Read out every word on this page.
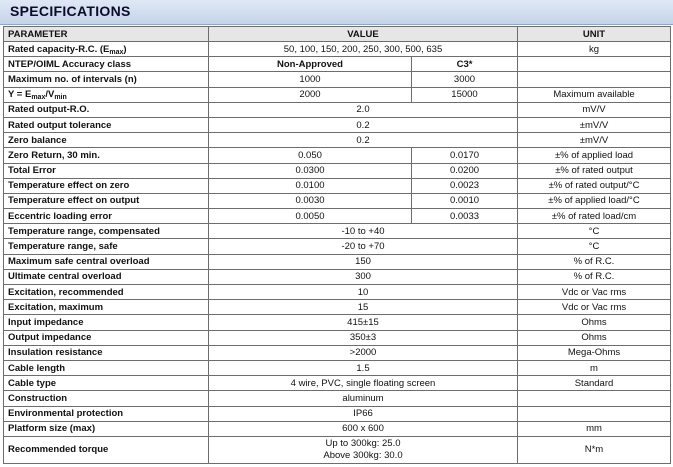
SPECIFICATIONS
PARAMETER	VALUE		UNIT
Rated capacity-R.C. $(E_{max})$	50, 100, 150, 200, 250, 300, 500, 635		kg
NTEP/OIML Accuracy class	Non-Approved	C3*	
Maximum no. of intervals (n)	1000	3000	
$Y = E_{max}/V_{min}$	2000	15000	Maximum available
Rated output-R.O.	2.0		mV/V
Rated output tolerance	0.2		±mV/V
Zero balance	0.2		±mV/V
Zero Return, 30 min.	0.050	0.0170	±% of applied load
Total Error	0.0300	0.0200	±% of rated output
Temperature effect on zero	0.0100	0.0023	±% of rated output/°C
Temperature effect on output	0.0030	0.0010	±% of applied load/°C
Eccentric loading error	0.0050	0.0033	±% of rated load/cm
Temperature range, compensated	-10 to +40		°C
Temperature range, safe	-20 to +70		°C
Maximum safe central overload	150		% of R.C.
Ultimate central overload	300		% of R.C.
Excitation, recommended	10		Vdc or Vac rms
Excitation, maximum	15		Vdc or Vac rms
Input impedance	415±15		Ohms
Output impedance	350±3		Ohms
Insulation resistance	>2000		Mega-Ohms
Cable length	1.5		m
Cable type	4 wire, PVC, single floating screen		Standard
Construction	aluminum		
Environmental protection	IP66		
Platform size (max)	600 x 600		mm
Recommended torque	Up to 300kg: 25.0
Above 300kg: 30.0		N*m
